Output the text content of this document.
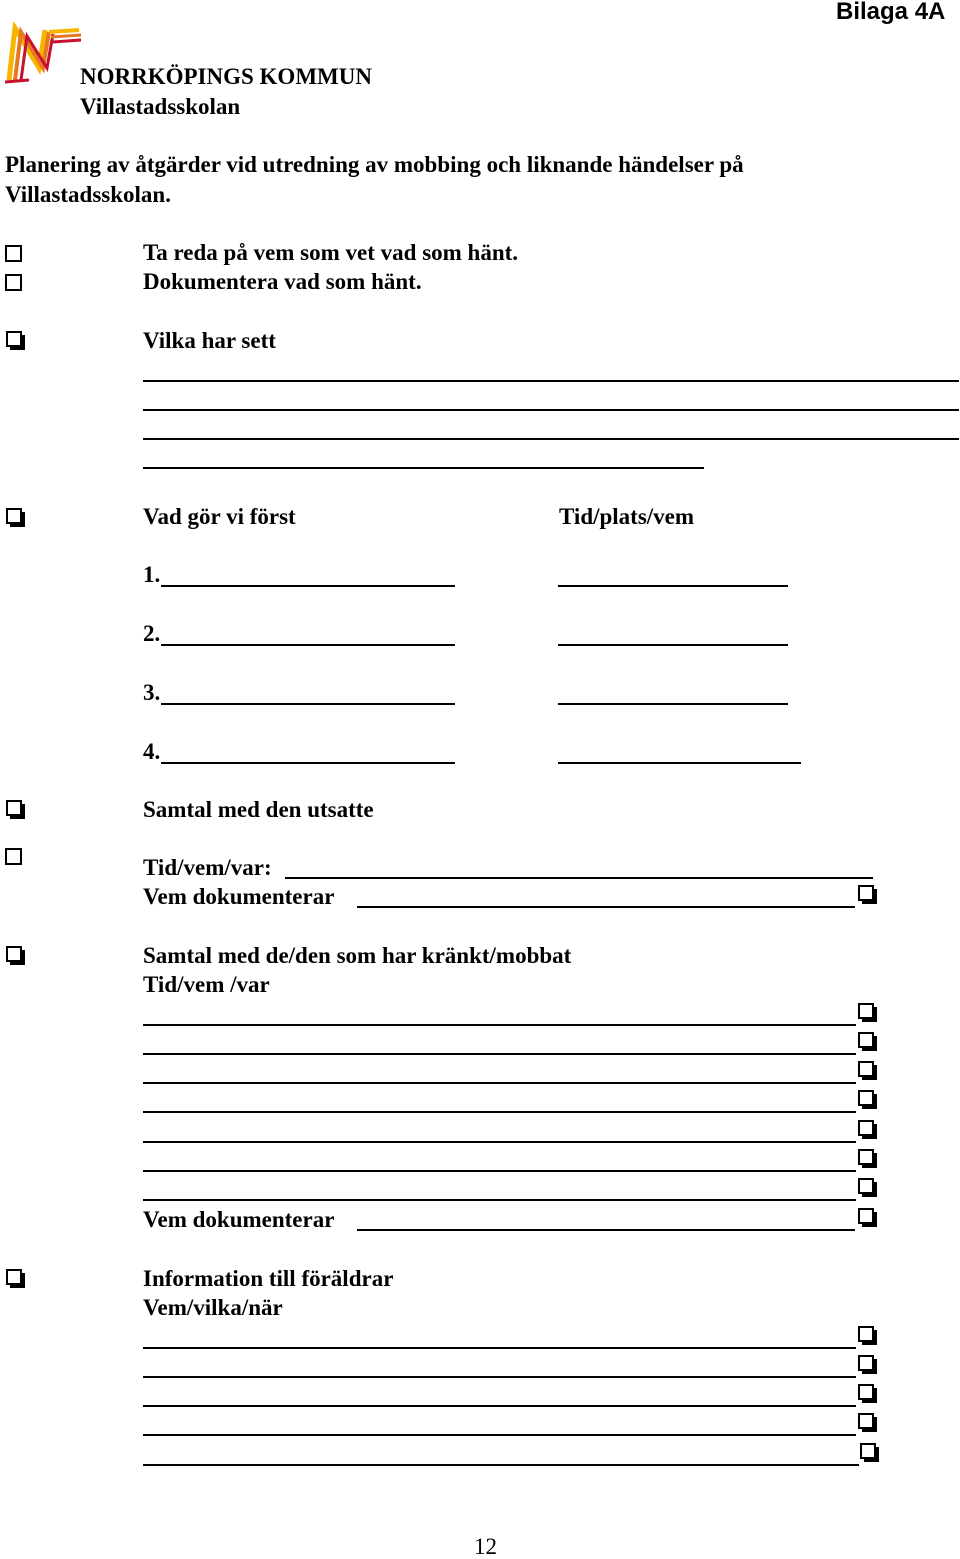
Bilaga 4A
NORRKÖPINGS KOMMUN
Villastadsskolan
Planering av åtgärder vid utredning av mobbing och liknande händelser på
Villastadsskolan.
Ta reda på vem som vet vad som hänt.
Dokumentera vad som hänt.
Vilka har sett
Vad gör vi först	Tid/plats/vem
1.
2.
3.
4.
Samtal med den utsatte
Tid/vem/var:
Vem dokumenterar
Samtal med de/den som har kränkt/mobbat
Tid/vem /var
Vem dokumenterar
Information till föräldrar
Vem/vilka/när
12
